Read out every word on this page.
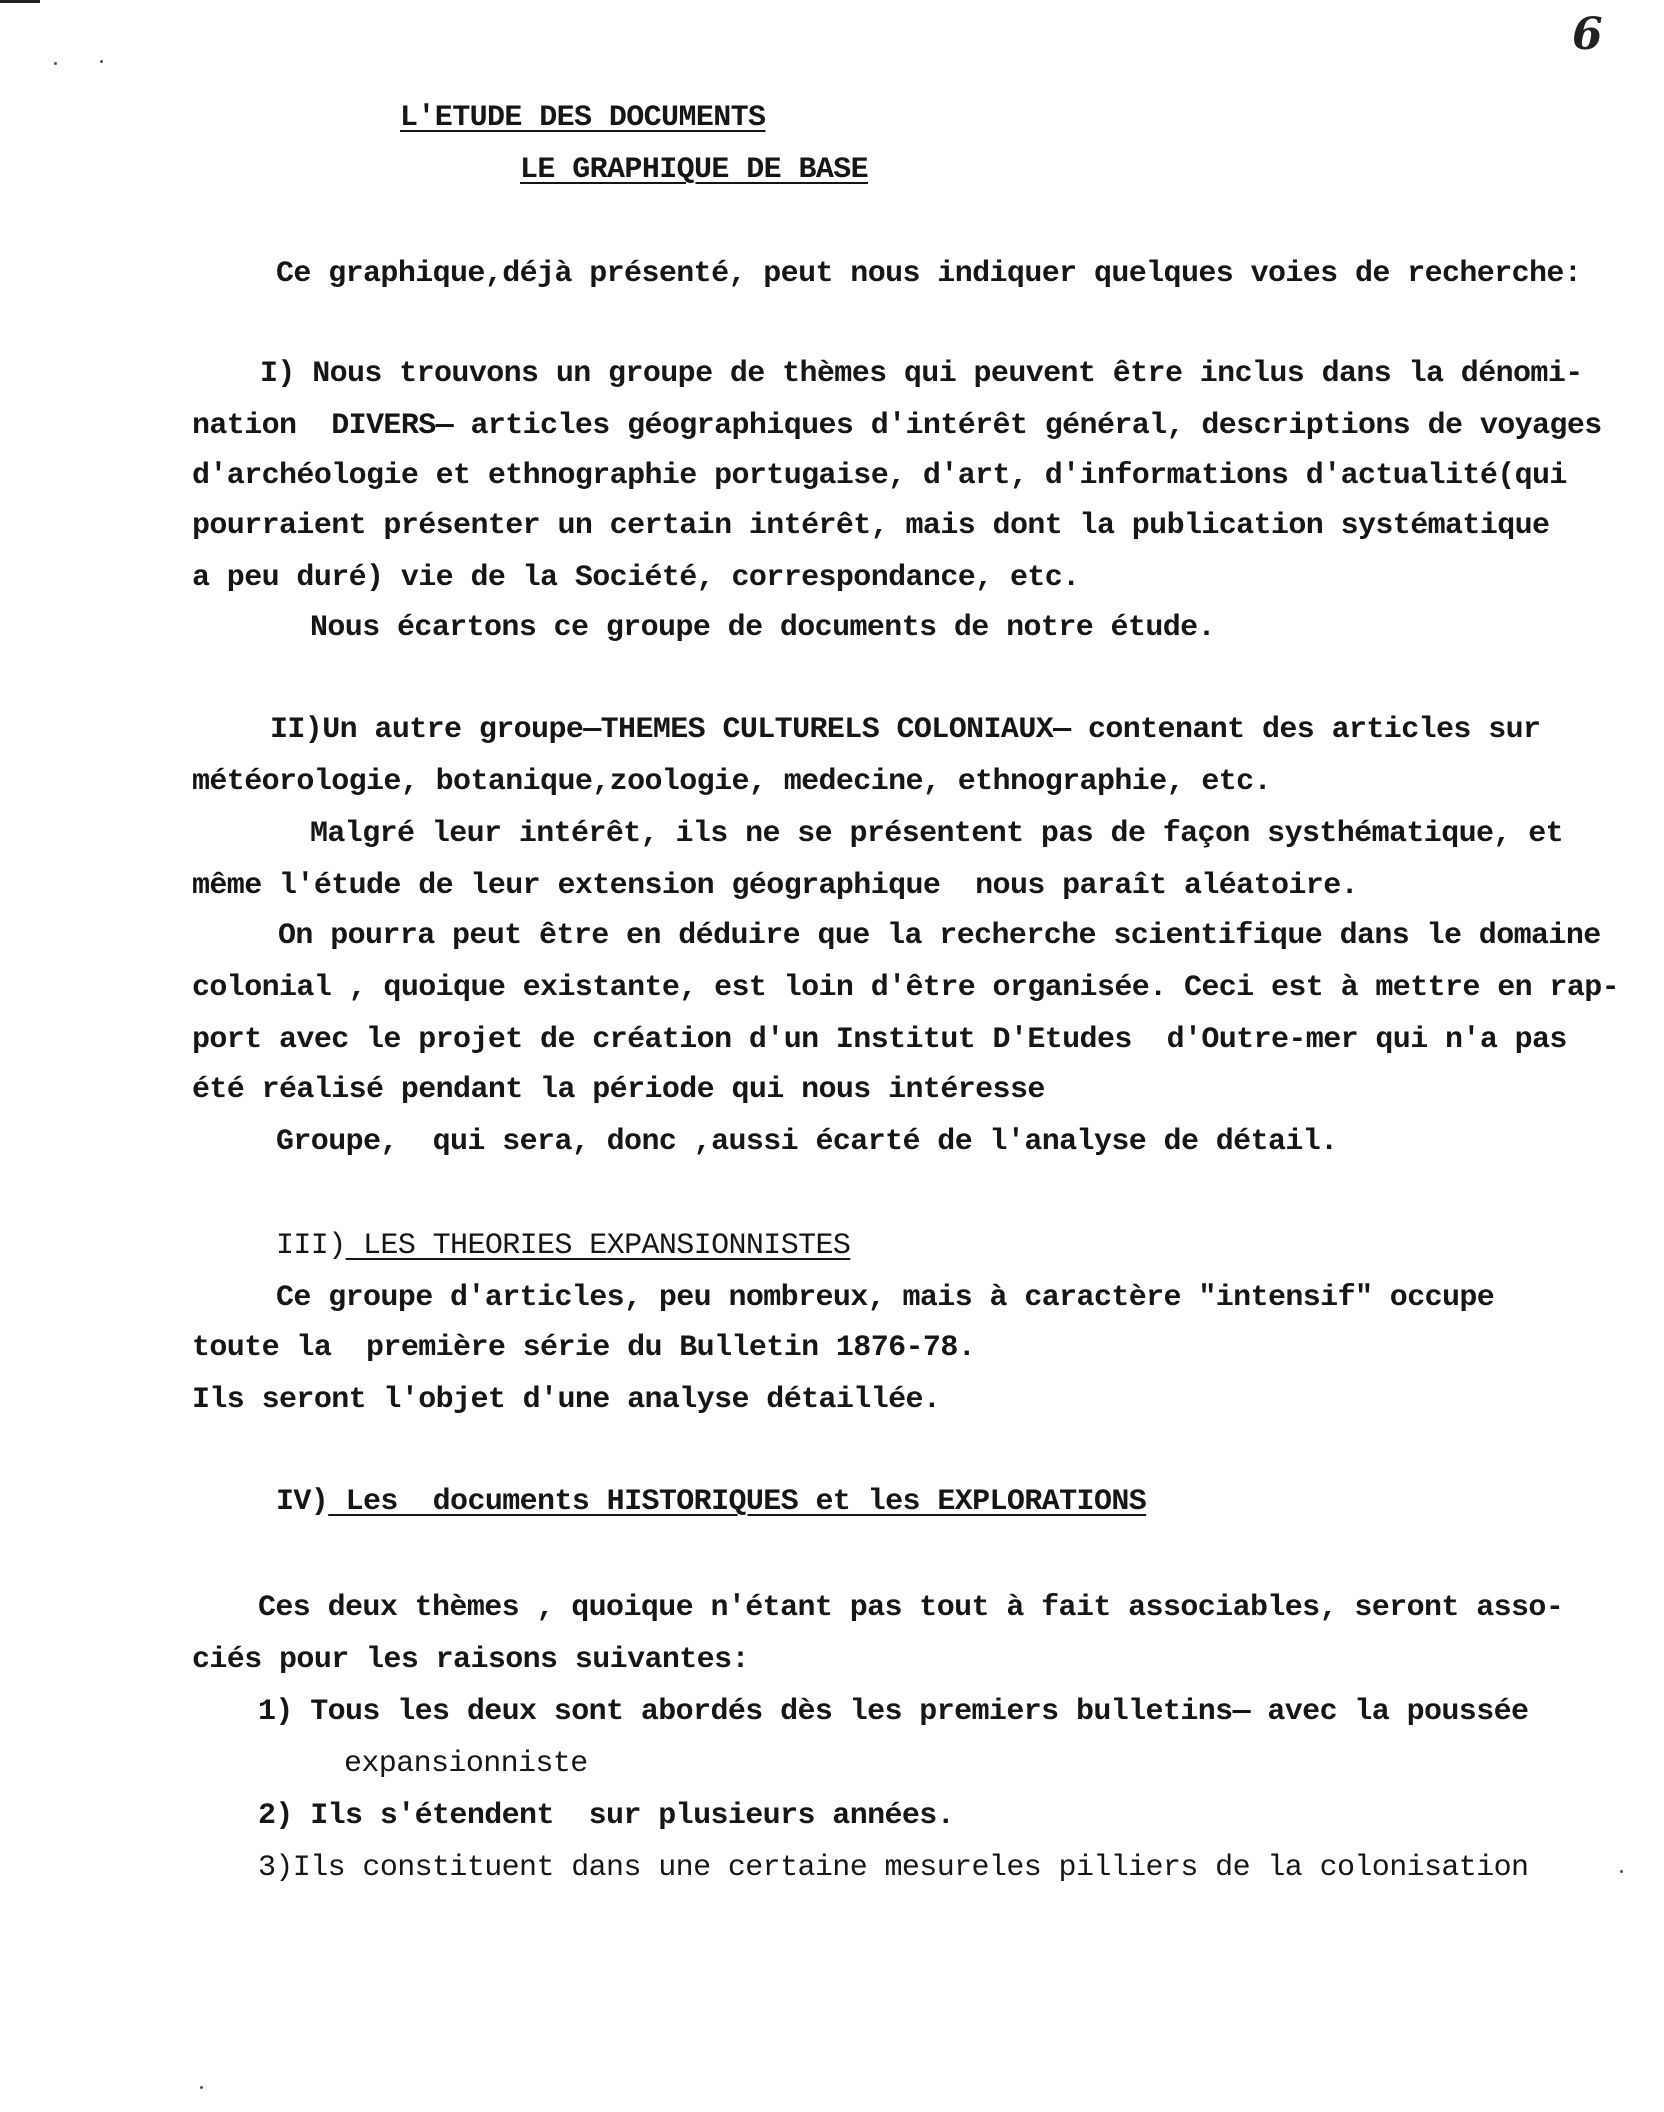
6
L'ETUDE DES DOCUMENTS
LE GRAPHIQUE DE BASE
Ce graphique,déjà présenté, peut nous indiquer quelques voies de recherche:
I) Nous trouvons un groupe de thèmes qui peuvent être inclus dans la dénomi-
nation  DIVERS— articles géographiques d'intérêt général, descriptions de voyages
d'archéologie et ethnographie portugaise, d'art, d'informations d'actualité(qui
pourraient présenter un certain intérêt, mais dont la publication systématique
a peu duré) vie de la Société, correspondance, etc.
Nous écartons ce groupe de documents de notre étude.
II)Un autre groupe—THEMES CULTURELS COLONIAUX— contenant des articles sur
météorologie, botanique,zoologie, medecine, ethnographie, etc.
Malgré leur intérêt, ils ne se présentent pas de façon systhématique, et
même l'étude de leur extension géographique  nous paraît aléatoire.
On pourra peut être en déduire que la recherche scientifique dans le domaine
colonial , quoique existante, est loin d'être organisée. Ceci est à mettre en rap-
port avec le projet de création d'un Institut D'Etudes  d'Outre-mer qui n'a pas
été réalisé pendant la période qui nous intéresse
Groupe,  qui sera, donc ,aussi écarté de l'analyse de détail.
III) LES THEORIES EXPANSIONNISTES
Ce groupe d'articles, peu nombreux, mais à caractère "intensif" occupe
toute la  première série du Bulletin 1876-78.
Ils seront l'objet d'une analyse détaillée.
IV) Les  documents HISTORIQUES et les EXPLORATIONS
Ces deux thèmes , quoique n'étant pas tout à fait associables, seront asso-
ciés pour les raisons suivantes:
1) Tous les deux sont abordés dès les premiers bulletins— avec la poussée
expansionniste
2) Ils s'étendent  sur plusieurs années.
3)Ils constituent dans une certaine mesureles pilliers de la colonisation
